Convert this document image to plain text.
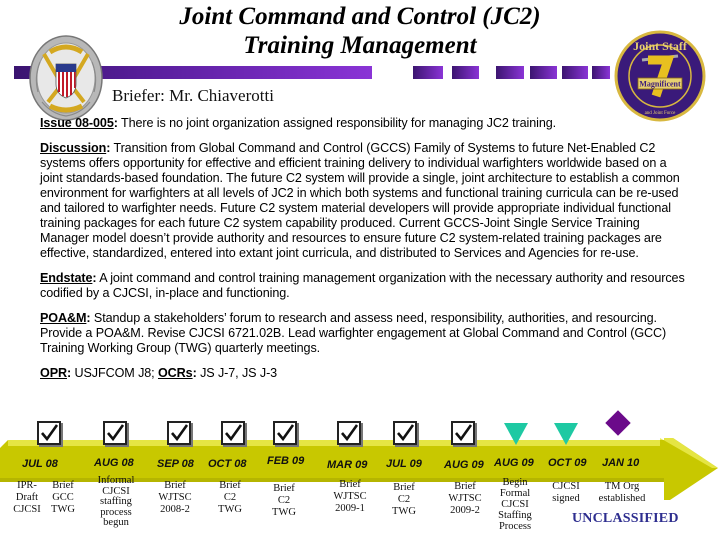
Joint Command and Control (JC2)
Training Management	Joint Staff
Magnificent
and Joint Force
Briefer: Mr. Chiaverotti

Issue 08-005: There is no joint organization assigned responsibility for managing JC2 training.

Discussion: Transition from Global Command and Control (GCCS) Family of Systems to future Net-Enabled C2 systems offers opportunity for effective and efficient training delivery to individual warfighters worldwide based on a joint standards-based foundation. The future C2 system will provide a single, joint architecture to establish a common environment for warfighters at all levels of JC2 in which both systems and functional training curricula can be re-used and tailored to warfighter needs. Future C2 system material developers will provide appropriate individual functional training packages for each future C2 system capability produced. Current GCCS-Joint Single Service Training Manager model doesn’t provide authority and resources to ensure future C2 system-related training packages are effective, standardized, entered into extant joint curricula, and distributed to Services and Agencies for re-use.

Endstate: A joint command and control training management organization with the necessary authority and resources codified by a CJCSI, in-place and functioning.

POA&M: Standup a stakeholders’ forum to research and assess need, responsibility, authorities, and resourcing. Provide a POA&M. Revise CJCSI 6721.02B. Lead warfighter engagement at Global Command and Control (GCC) Training Working Group (TWG) quarterly meetings.

OPR: USJFCOM J8; OCRs: JS J-7, JS J-3

JUL 08	AUG 08 SEP 08 OCT 08 FEB 09 MAR 09 JUL 09 AUG 09 AUG 09 OCT 09 JAN 10
IPR-
Draft
CJCSI
Brief
GCC
TWG
Informal
CJCSI
staffing
process
begun
Brief
WJTSC
2008-2
Brief
C2
TWG
Brief
C2
TWG
Brief
WJTSC
2009-1
Brief
C2
TWG
Brief
WJTSC
2009-2
Begin
Formal
CJCSI
Staffing
Process
CJCSI
signed
TM Org
established
UNCLASSIFIED
